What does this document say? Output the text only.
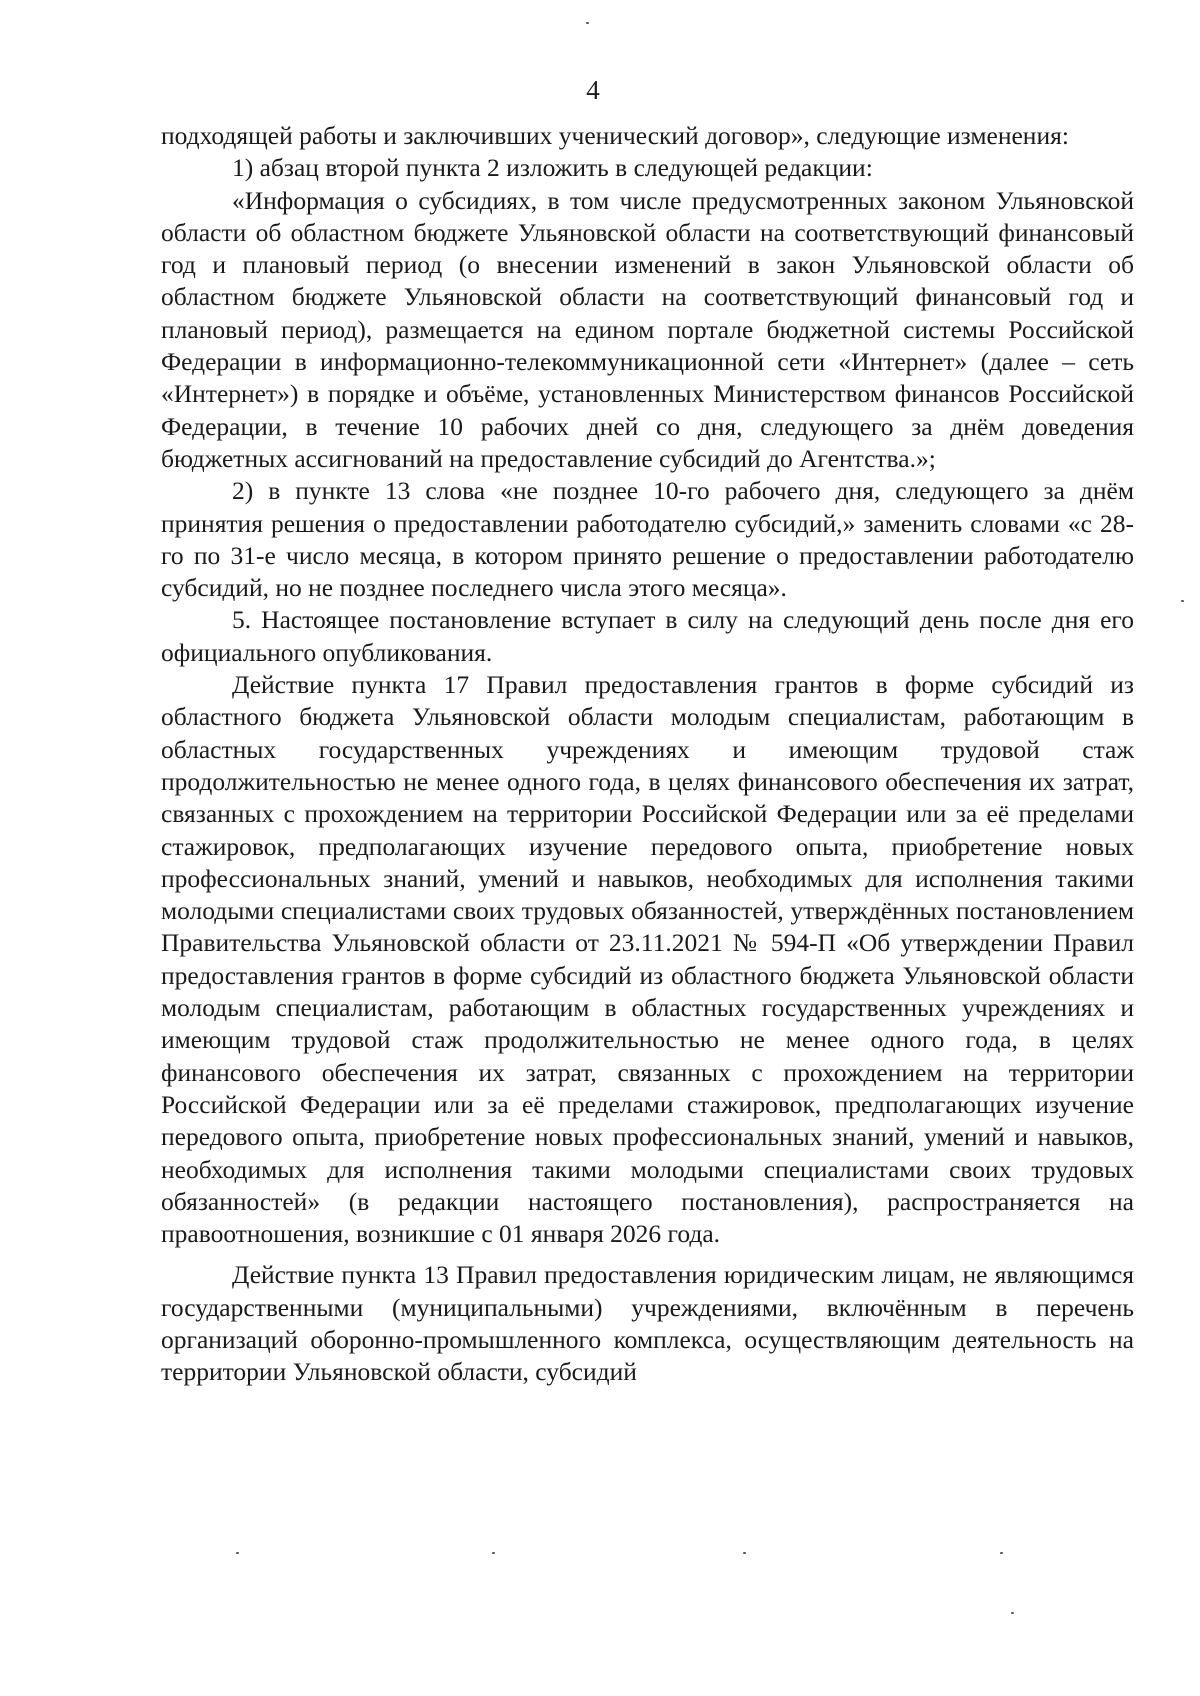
4

подходящей работы и заключивших ученический договор», следующие изменения:

1) абзац второй пункта 2 изложить в следующей редакции:

«Информация о субсидиях, в том числе предусмотренных законом Ульяновской области об областном бюджете Ульяновской области на соответствующий финансовый год и плановый период (о внесении изменений в закон Ульяновской области об областном бюджете Ульяновской области на соответствующий финансовый год и плановый период), размещается на едином портале бюджетной системы Российской Федерации в информационно-телекоммуникационной сети «Интернет» (далее – сеть «Интернет») в порядке и объёме, установленных Министерством финансов Российской Федерации, в течение 10 рабочих дней со дня, следующего за днём доведения бюджетных ассигнований на предоставление субсидий до Агентства.»;

2) в пункте 13 слова «не позднее 10-го рабочего дня, следующего за днём принятия решения о предоставлении работодателю субсидий,» заменить словами «с 28-го по 31-е число месяца, в котором принято решение о предоставлении работодателю субсидий, но не позднее последнего числа этого месяца».

5. Настоящее постановление вступает в силу на следующий день после дня его официального опубликования.

Действие пункта 17 Правил предоставления грантов в форме субсидий из областного бюджета Ульяновской области молодым специалистам, работающим в областных государственных учреждениях и имеющим трудовой стаж продолжительностью не менее одного года, в целях финансового обеспечения их затрат, связанных с прохождением на территории Российской Федерации или за её пределами стажировок, предполагающих изучение передового опыта, приобретение новых профессиональных знаний, умений и навыков, необходимых для исполнения такими молодыми специалистами своих трудовых обязанностей, утверждённых постановлением Правительства Ульяновской области от 23.11.2021 № 594-П «Об утверждении Правил предоставления грантов в форме субсидий из областного бюджета Ульяновской области молодым специалистам, работающим в областных государственных учреждениях и имеющим трудовой стаж продолжительностью не менее одного года, в целях финансового обеспечения их затрат, связанных с прохождением на территории Российской Федерации или за её пределами стажировок, предполагающих изучение передового опыта, приобретение новых профессиональных знаний, умений и навыков, необходимых для исполнения такими молодыми специалистами своих трудовых обязанностей» (в редакции настоящего постановления), распространяется на правоотношения, возникшие с 01 января 2026 года.

Действие пункта 13 Правил предоставления юридическим лицам, не являющимся государственными (муниципальными) учреждениями, включённым в перечень организаций оборонно-промышленного комплекса, осуществляющим деятельность на территории Ульяновской области, субсидий
